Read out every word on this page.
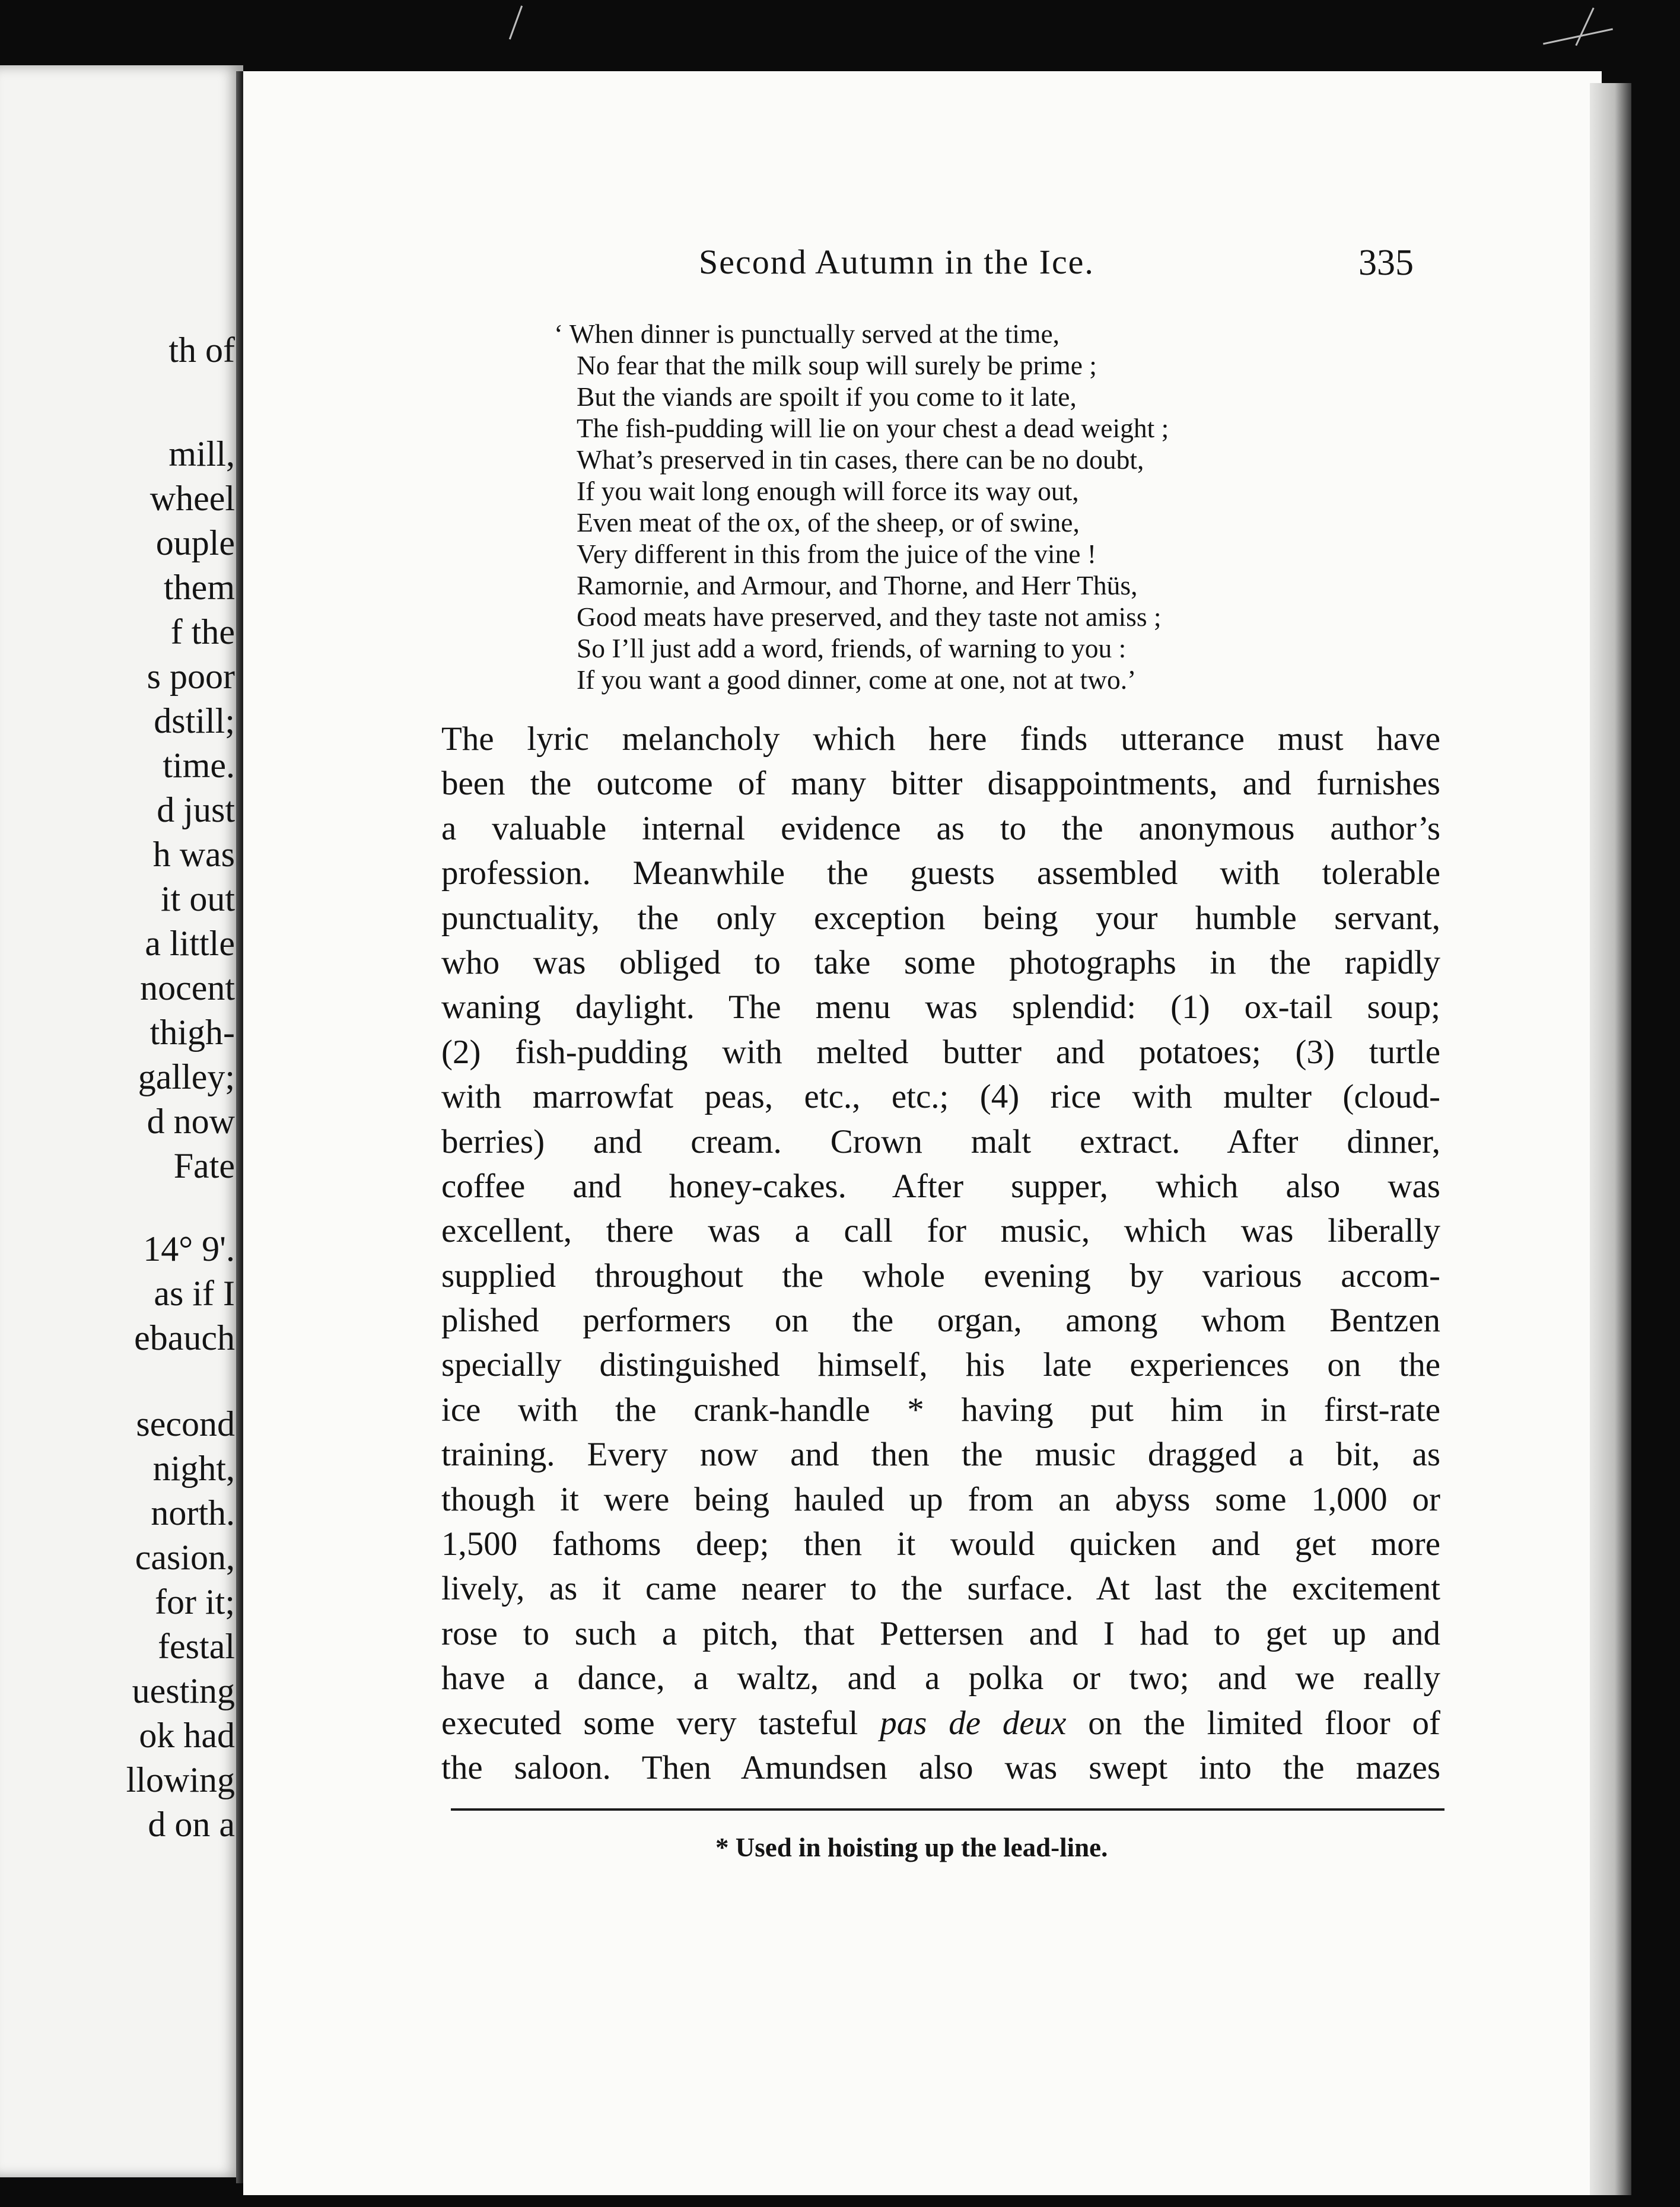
th of
mill,
wheel
ouple
them
f the
s poor
dstill;
time.
d just
h was
it out
a little
nocent
thigh-
galley;
d now
Fate
14° 9'.
as if I
ebauch
second
night,
north.
casion,
for it;
festal
uesting
ok had
llowing
d on a
Second Autumn in the Ice.	335
‘ When dinner is punctually served at the time,
No fear that the milk soup will surely be prime ;
But the viands are spoilt if you come to it late,
The fish-pudding will lie on your chest a dead weight ;
What’s preserved in tin cases, there can be no doubt,
If you wait long enough will force its way out,
Even meat of the ox, of the sheep, or of swine,
Very different in this from the juice of the vine !
Ramornie, and Armour, and Thorne, and Herr Thüs,
Good meats have preserved, and they taste not amiss ;
So I’ll just add a word, friends, of warning to you :
If you want a good dinner, come at one, not at two.’
The lyric melancholy which here finds utterance must have
been the outcome of many bitter disappointments, and furnishes
a valuable internal evidence as to the anonymous author’s
profession. Meanwhile the guests assembled with tolerable
punctuality, the only exception being your humble servant,
who was obliged to take some photographs in the rapidly
waning daylight. The menu was splendid: (1) ox-tail soup;
(2) fish-pudding with melted butter and potatoes; (3) turtle
with marrowfat peas, etc., etc.; (4) rice with multer (cloud-
berries) and cream. Crown malt extract. After dinner,
coffee and honey-cakes. After supper, which also was
excellent, there was a call for music, which was liberally
supplied throughout the whole evening by various accom-
plished performers on the organ, among whom Bentzen
specially distinguished himself, his late experiences on the
ice with the crank-handle * having put him in first-rate
training. Every now and then the music dragged a bit, as
though it were being hauled up from an abyss some 1,000 or
1,500 fathoms deep; then it would quicken and get more
lively, as it came nearer to the surface. At last the excitement
rose to such a pitch, that Pettersen and I had to get up and
have a dance, a waltz, and a polka or two; and we really
executed some very tasteful pas de deux on the limited floor of
the saloon. Then Amundsen also was swept into the mazes
* Used in hoisting up the lead-line.
